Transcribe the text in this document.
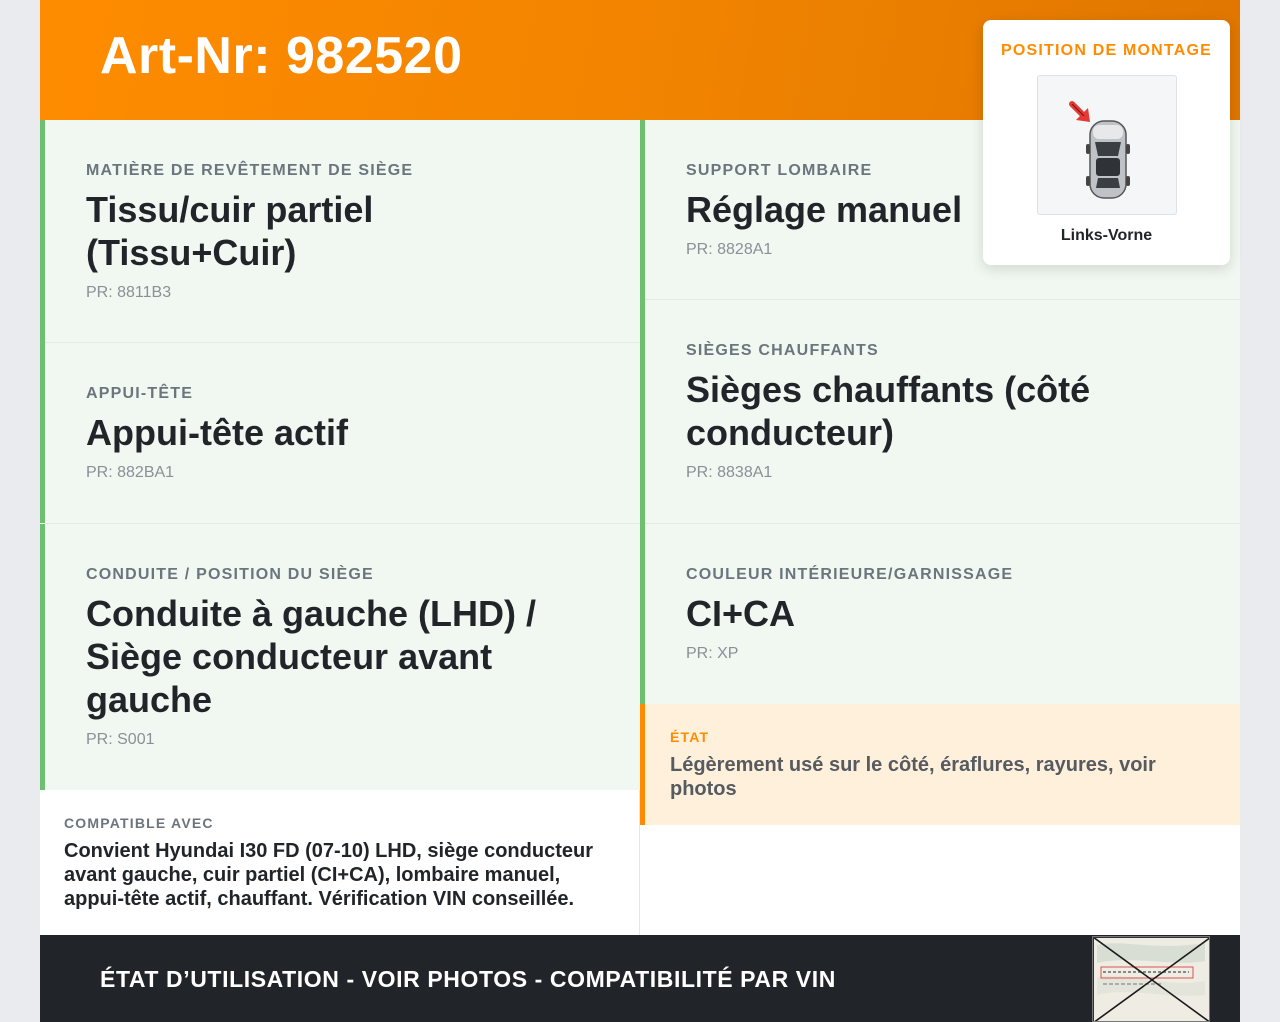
Art-Nr: 982520
MATIÈRE DE REVÊTEMENT DE SIÈGE
Tissu/cuir partiel (Tissu+Cuir)
PR: 8811B3
APPUI-TÊTE
Appui-tête actif
PR: 882BA1
CONDUITE / POSITION DU SIÈGE
Conduite à gauche (LHD) / Siège conducteur avant gauche
PR: S001
SUPPORT LOMBAIRE
Réglage manuel
PR: 8828A1
SIÈGES CHAUFFANTS
Sièges chauffants (côté conducteur)
PR: 8838A1
COULEUR INTÉRIEURE/GARNISSAGE
CI+CA
PR: XP
ÉTAT
Légèrement usé sur le côté, éraflures, rayures, voir photos
COMPATIBLE AVEC
Convient Hyundai I30 FD (07-10) LHD, siège conducteur avant gauche, cuir partiel (CI+CA), lombaire manuel, appui-tête actif, chauffant. Vérification VIN conseillée.
ÉTAT D’UTILISATION - VOIR PHOTOS - COMPATIBILITÉ PAR VIN
POSITION DE MONTAGE
Links-Vorne
